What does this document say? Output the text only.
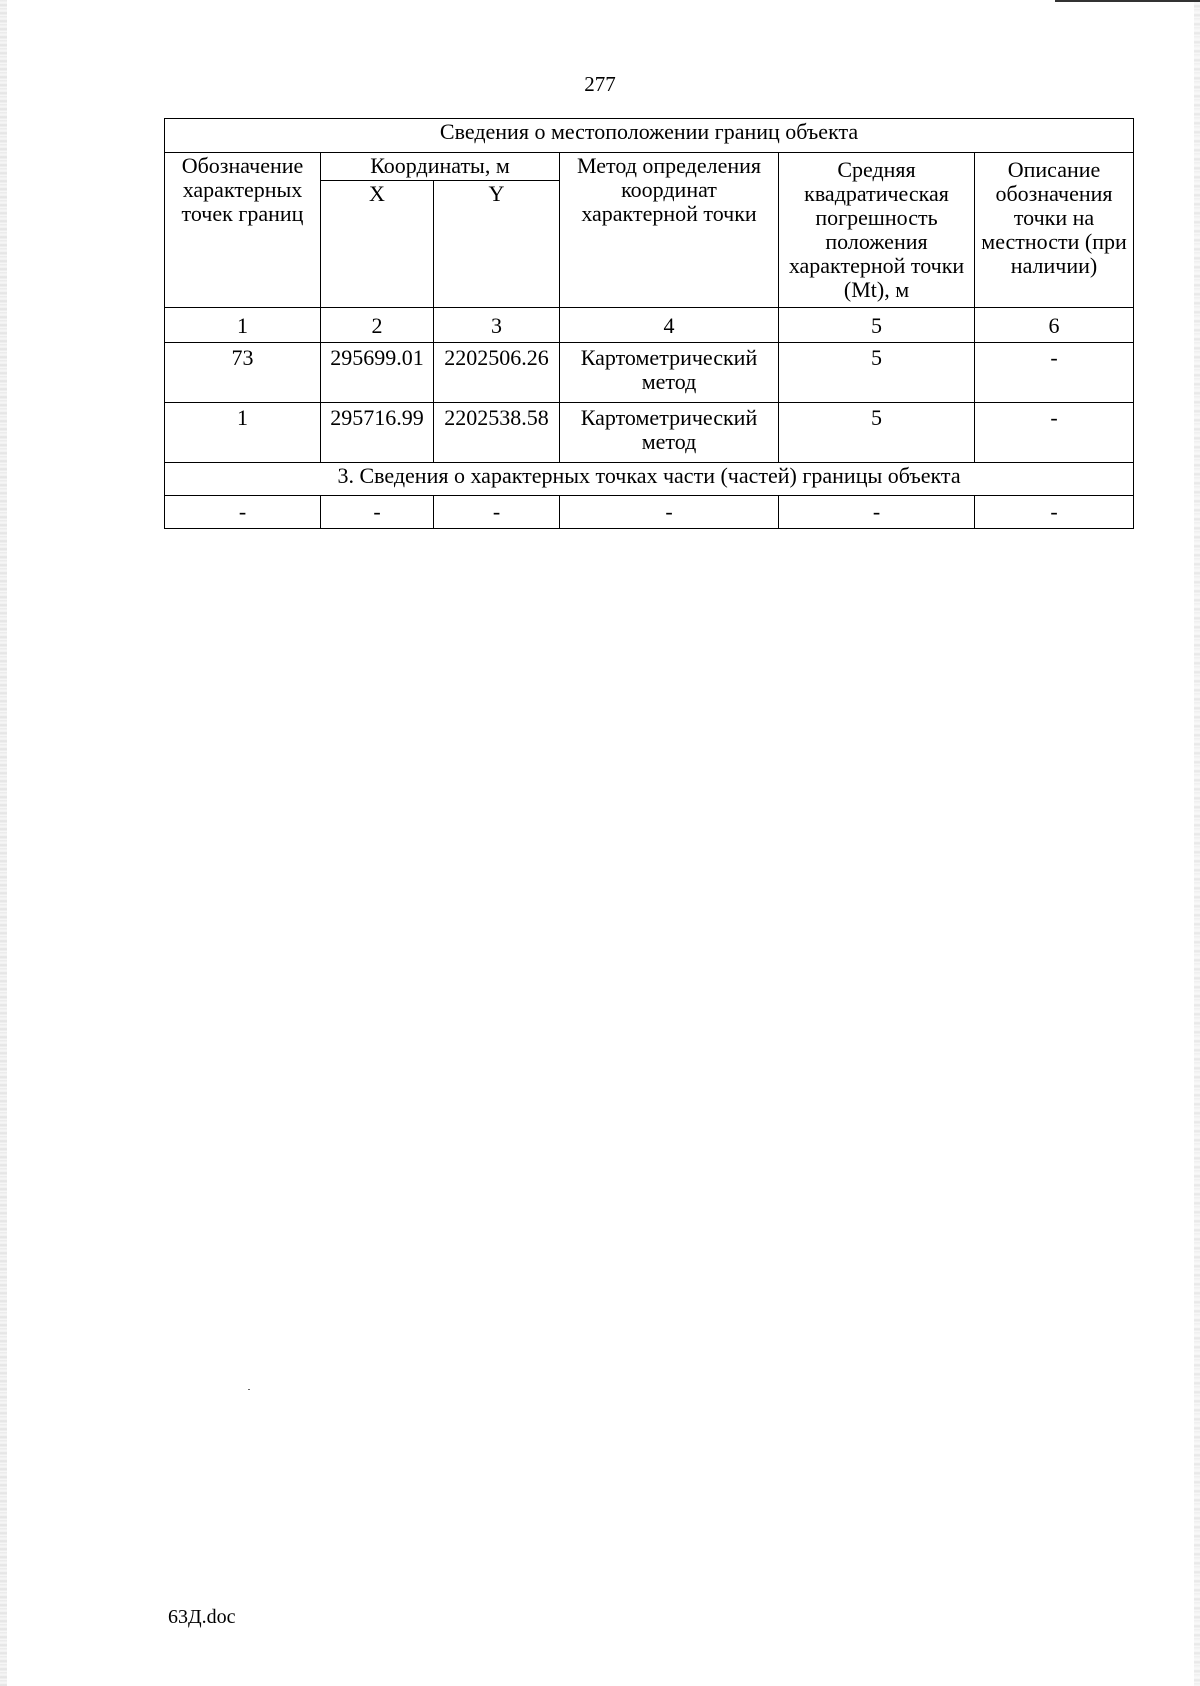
277
Сведения о местоположении границ объекта					
Обозначение характерных точек границ	Координаты, м		Метод определения координат характерной точки	Средняя квадратическая погрешность положения характерной точки (Mt), м	Описание обозначения точки на местности (при наличии)
	X	Y			
1	2	3	4	5	6
73	295699.01	2202506.26	Картометрический метод	5	-
1	295716.99	2202538.58	Картометрический метод	5	-
3. Сведения о характерных точках части (частей) границы объекта					
-	-	-	-	-	-
63Д.doc
